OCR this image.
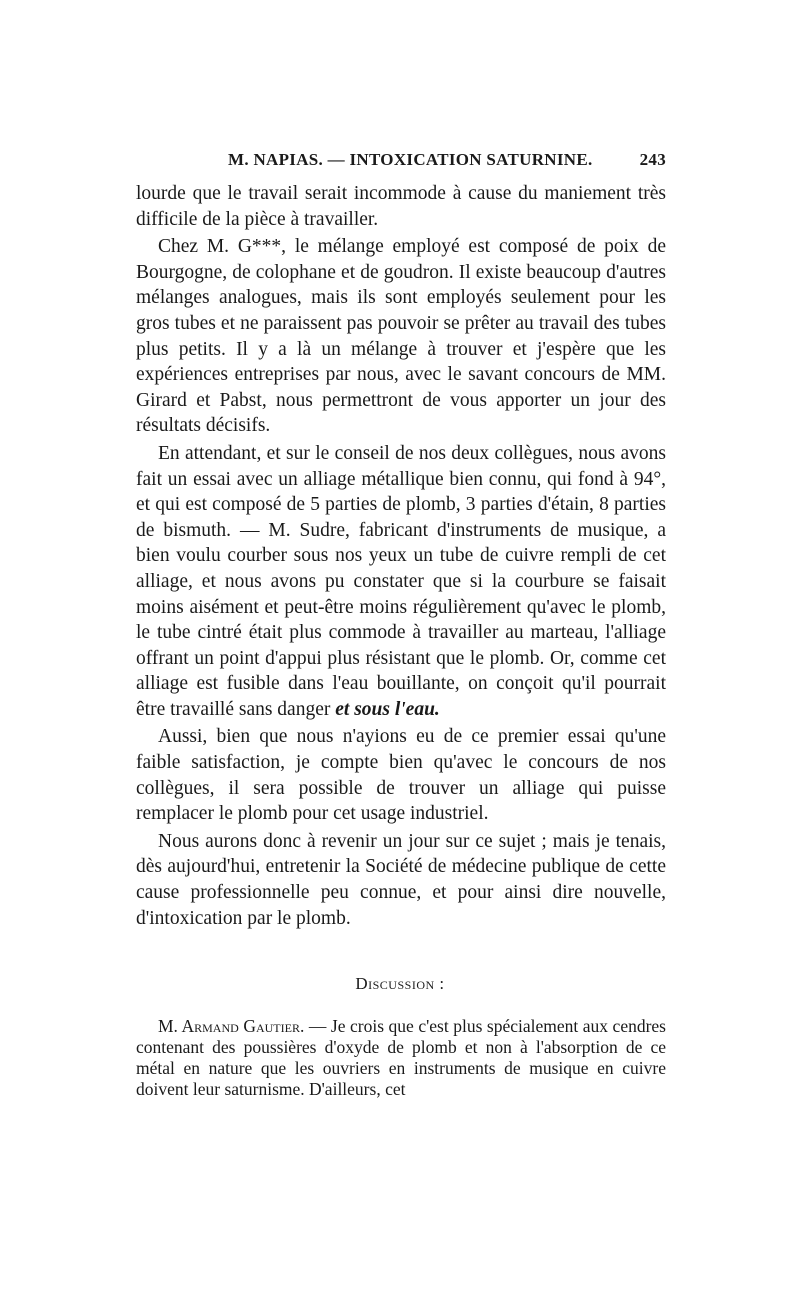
M. NAPIAS. — INTOXICATION SATURNINE.	243

lourde que le travail serait incommode à cause du maniement très difficile de la pièce à travailler.

Chez M. G***, le mélange employé est composé de poix de Bourgogne, de colophane et de goudron. Il existe beaucoup d'autres mélanges analogues, mais ils sont employés seulement pour les gros tubes et ne paraissent pas pouvoir se prêter au travail des tubes plus petits. Il y a là un mélange à trouver et j'espère que les expériences entreprises par nous, avec le savant concours de MM. Girard et Pabst, nous permettront de vous apporter un jour des résultats décisifs.

En attendant, et sur le conseil de nos deux collègues, nous avons fait un essai avec un alliage métallique bien connu, qui fond à 94°, et qui est composé de 5 parties de plomb, 3 parties d'étain, 8 parties de bismuth. — M. Sudre, fabricant d'instruments de musique, a bien voulu courber sous nos yeux un tube de cuivre rempli de cet alliage, et nous avons pu constater que si la courbure se faisait moins aisément et peut-être moins régulièrement qu'avec le plomb, le tube cintré était plus commode à travailler au marteau, l'alliage offrant un point d'appui plus résistant que le plomb. Or, comme cet alliage est fusible dans l'eau bouillante, on conçoit qu'il pourrait être travaillé sans danger et sous l'eau.

Aussi, bien que nous n'ayions eu de ce premier essai qu'une faible satisfaction, je compte bien qu'avec le concours de nos collègues, il sera possible de trouver un alliage qui puisse remplacer le plomb pour cet usage industriel.

Nous aurons donc à revenir un jour sur ce sujet ; mais je tenais, dès aujourd'hui, entretenir la Société de médecine publique de cette cause professionnelle peu connue, et pour ainsi dire nouvelle, d'intoxication par le plomb.

Discussion :

M. Armand Gautier. — Je crois que c'est plus spécialement aux cendres contenant des poussières d'oxyde de plomb et non à l'absorption de ce métal en nature que les ouvriers en instruments de musique en cuivre doivent leur saturnisme. D'ailleurs, cet
